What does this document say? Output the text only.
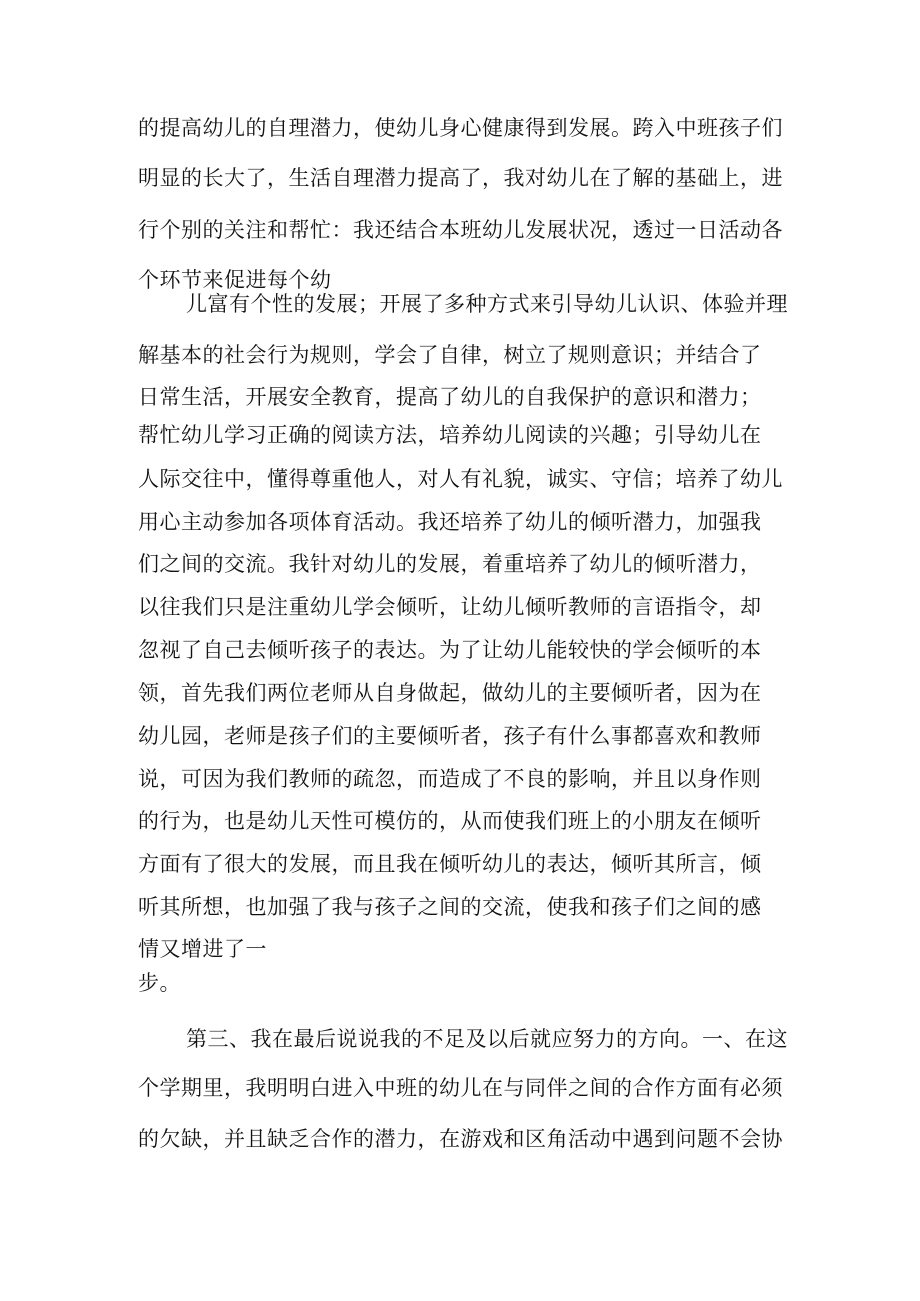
的提高幼儿的自理潜力，使幼儿身心健康得到发展。跨入中班孩子们
明显的长大了，生活自理潜力提高了，我对幼儿在了解的基础上，进
行个别的关注和帮忙：我还结合本班幼儿发展状况，透过一日活动各
个环节来促进每个幼
儿富有个性的发展；开展了多种方式来引导幼儿认识、体验并理
解基本的社会行为规则，学会了自律，树立了规则意识；并结合了
日常生活，开展安全教育，提高了幼儿的自我保护的意识和潜力；
帮忙幼儿学习正确的阅读方法，培养幼儿阅读的兴趣；引导幼儿在
人际交往中，懂得尊重他人，对人有礼貌，诚实、守信；培养了幼儿
用心主动参加各项体育活动。我还培养了幼儿的倾听潜力，加强我
们之间的交流。我针对幼儿的发展，着重培养了幼儿的倾听潜力，
以往我们只是注重幼儿学会倾听，让幼儿倾听教师的言语指令，却
忽视了自己去倾听孩子的表达。为了让幼儿能较快的学会倾听的本
领，首先我们两位老师从自身做起，做幼儿的主要倾听者，因为在
幼儿园，老师是孩子们的主要倾听者，孩子有什么事都喜欢和教师
说，可因为我们教师的疏忽，而造成了不良的影响，并且以身作则
的行为，也是幼儿天性可模仿的，从而使我们班上的小朋友在倾听
方面有了很大的发展，而且我在倾听幼儿的表达，倾听其所言，倾
听其所想，也加强了我与孩子之间的交流，使我和孩子们之间的感
情又增进了一
步。
第三、我在最后说说我的不足及以后就应努力的方向。一、在这
个学期里，我明明白进入中班的幼儿在与同伴之间的合作方面有必须
的欠缺，并且缺乏合作的潜力，在游戏和区角活动中遇到问题不会协
